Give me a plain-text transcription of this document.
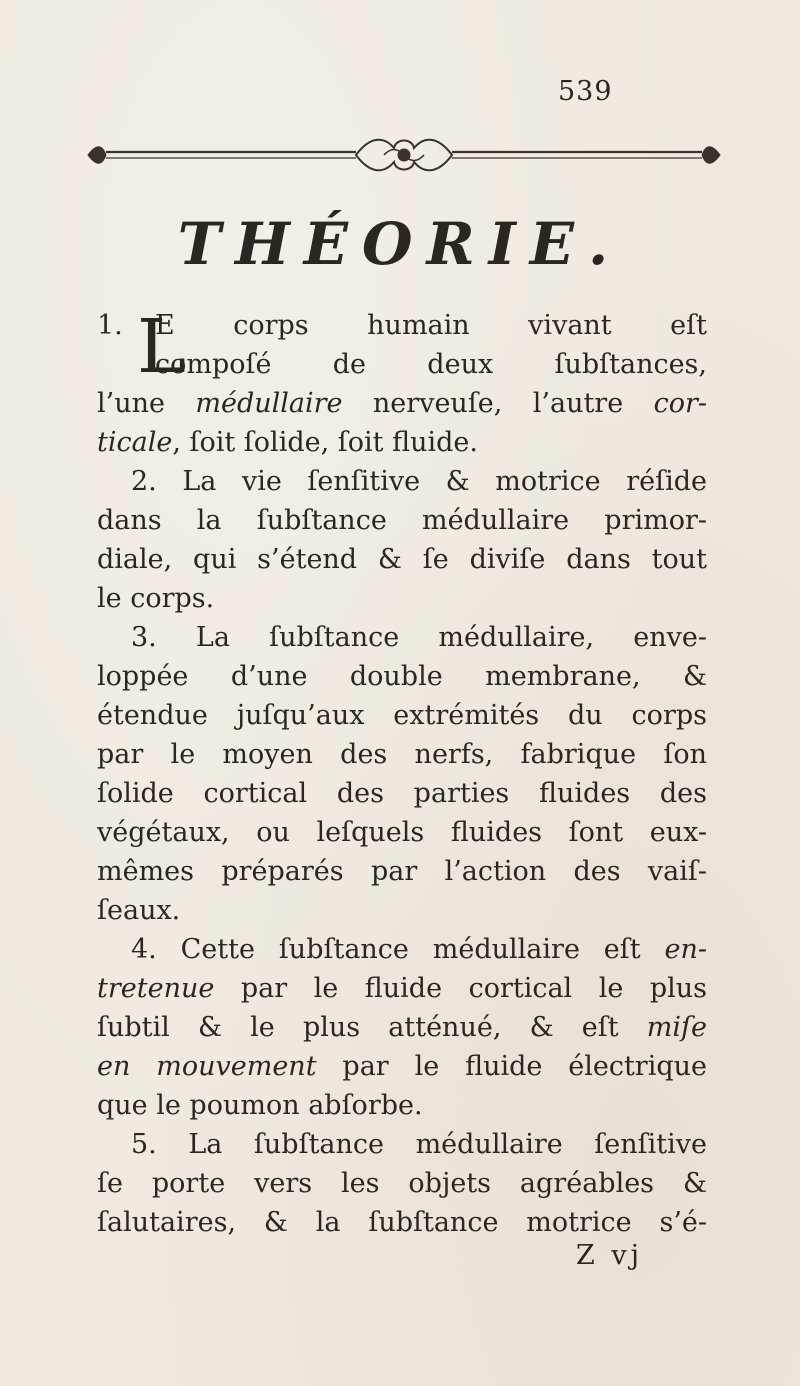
539
THÉORIE.
1. L
E corps humain vivant eſt
compoſé de deux ſubſtances,
l’une médullaire nerveuſe, l’autre cor-
ticale, ſoit ſolide, ſoit fluide.
2. La vie ſenſitive & motrice réſide
dans la ſubſtance médullaire primor-
diale, qui s’étend & ſe diviſe dans tout
le corps.
3. La ſubſtance médullaire, enve-
loppée d’une double membrane, &
étendue juſqu’aux extrémités du corps
par le moyen des nerfs, fabrique ſon
ſolide cortical des parties fluides des
végétaux, ou leſquels fluides ſont eux-
mêmes préparés par l’action des vaiſ-
ſeaux.
4. Cette ſubſtance médullaire eſt en-
tretenue par le fluide cortical le plus
ſubtil & le plus atténué, & eſt miſe
en mouvement par le fluide électrique
que le poumon abſorbe.
5. La ſubſtance médullaire ſenſitive
ſe porte vers les objets agréables &
ſalutaires, & la ſubſtance motrice s’é-
Z vj
